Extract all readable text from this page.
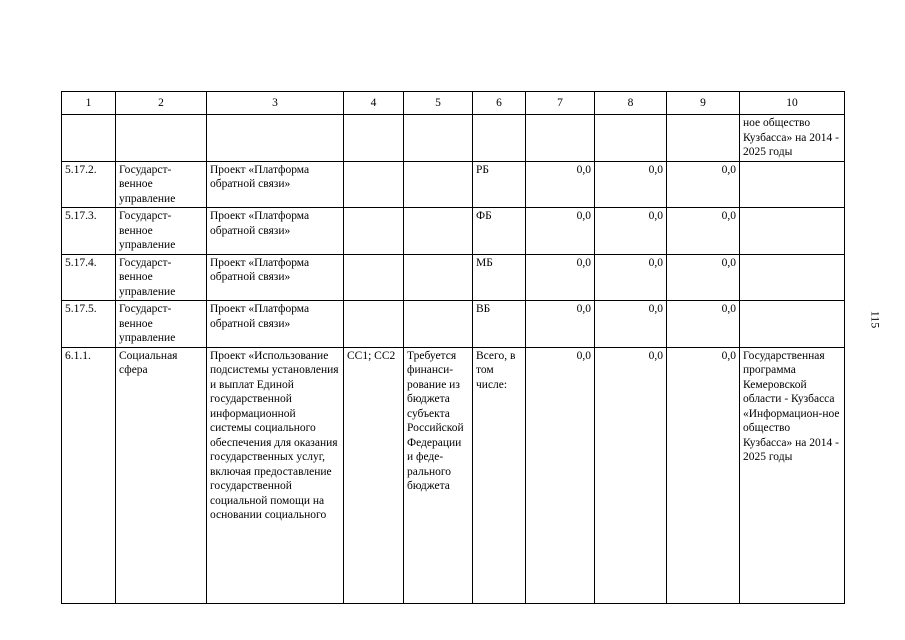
1	2	3	4	5	6	7	8	9	10
									ное общество Кузбасса» на 2014 - 2025 годы
5.17.2.	Государст-венное управление	Проект «Платформа обратной связи»			РБ	0,0	0,0	0,0	
5.17.3.	Государст-венное управление	Проект «Платформа обратной связи»			ФБ	0,0	0,0	0,0	
5.17.4.	Государст-венное управление	Проект «Платформа обратной связи»			МБ	0,0	0,0	0,0	
5.17.5.	Государст-венное управление	Проект «Платформа обратной связи»			ВБ	0,0	0,0	0,0	
6.1.1.	Социальная сфера	Проект «Использование подсистемы установления и выплат Единой государственной информационной системы социального обеспечения для оказания государственных услуг, включая предоставление государственной социальной помощи на основании социального	СС1; СС2	Требуется финанси-рование из бюджета субъекта Российской Федерации и феде-рального бюджета	Всего, в том числе:	0,0	0,0	0,0	Государственная программа Кемеровской области - Кузбасса «Информацион-ное общество Кузбасса» на 2014 - 2025 годы
115
